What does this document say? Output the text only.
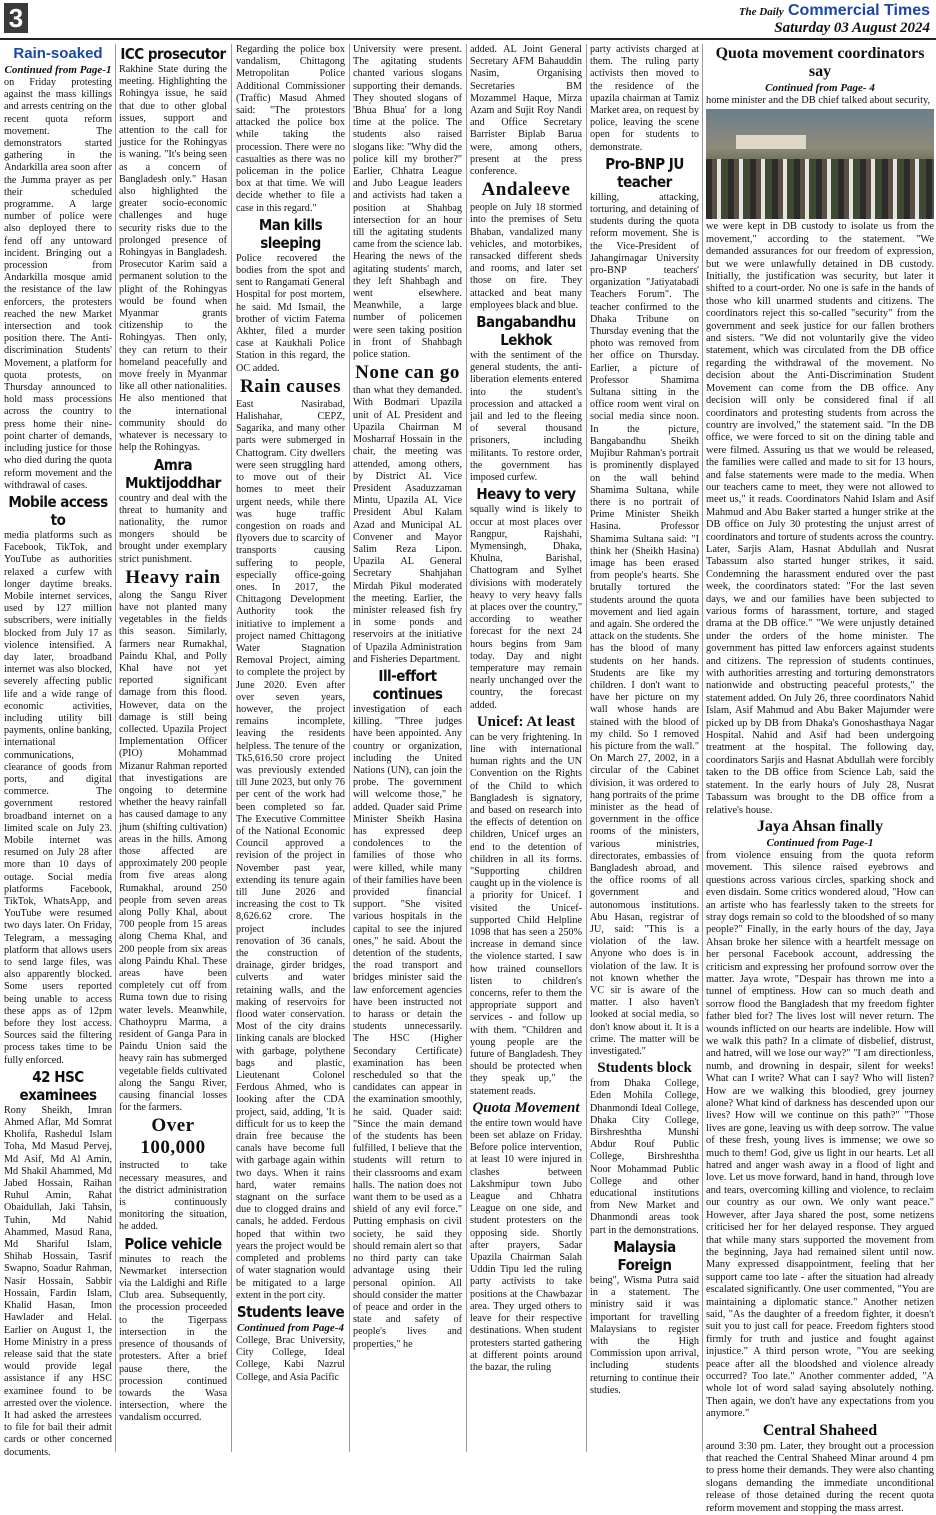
3	The Daily Commercial Times
Saturday 03 August 2024
Rain-soaked
Continued from Page-1

on Friday protesting against the mass killings and arrests centring on the recent quota reform movement. The demonstrators started gathering in the Andarkilla area soon after the Jumma prayer as per their scheduled programme. A large number of police were also deployed there to fend off any untoward incident. Bringing out a procession from Andarkilla mosque amid the resistance of the law enforcers, the protesters reached the new Market intersection and took position there. The Anti-discrimination Students' Movement, a platform for quota protests, on Thursday announced to hold mass processions across the country to press home their nine-point charter of demands, including justice for those who died during the quota reform movement and the withdrawal of cases.

Mobile access to

media platforms such as Facebook, TikTok, and YouTube as authorities relaxed a curfew with longer daytime breaks. Mobile internet services, used by 127 million subscribers, were initially blocked from July 17 as violence intensified. A day later, broadband internet was also blocked, severely affecting public life and a wide range of economic activities, including utility bill payments, online banking, international communications, clearance of goods from ports, and digital commerce. The government restored broadband internet on a limited scale on July 23. Mobile internet was resumed on July 28 after more than 10 days of outage. Social media platforms Facebook, TikTok, WhatsApp, and YouTube were resumed two days later. On Friday, Telegram, a messaging platform that allows users to send large files, was also apparently blocked. Some users reported being unable to access these apps as of 12pm before they lost access. Sources said the filtering process takes time to be fully enforced.

42 HSC examinees

Rony Sheikh, Imran Ahmed Aflar, Md Somrat Kholifa, Rashedul Islam Toha, Md Masud Pervej, Md Asif, Md Al Amin, Md Shakil Ahammed, Md Jabed Hossain, Raihan Ruhul Amin, Rahat Obaidullah, Jaki Tahsin, Tuhin, Md Nahid Ahammed, Masud Rana, Md Shariful Islam, Shihab Hossain, Tasrif Swapno, Soadur Rahman, Nasir Hossain, Sabbir Hossain, Fardin Islam, Khalid Hasan, Imon Hawlader and Helal. Earlier on August 1, the Home Ministry in a press release said that the state would provide legal assistance if any HSC examinee found to be arrested over the violence. It had asked the arrestees to file for bail their admit cards or other concerned documents.

ICC prosecutor

Rakhine State during the meeting. Highlighting the Rohingya issue, he said that due to other global issues, support and attention to the call for justice for the Rohingyas is waning. "It's being seen as a concern of Bangladesh only." Hasan also highlighted the greater socio-economic challenges and huge security risks due to the prolonged presence of Rohingyas in Bangladesh. Prosecutor Karim said a permanent solution to the plight of the Rohingyas would be found when Myanmar grants citizenship to the Rohingyas. Then only, they can return to their homeland peacefully and move freely in Myanmar like all other nationalities. He also mentioned that the international community should do whatever is necessary to help the Rohingyas.

Amra Muktijoddhar

country and deal with the threat to humanity and nationality, the rumor mongers should be brought under exemplary strict punishment.

Heavy rain

along the Sangu River have not planted many vegetables in the fields this season. Similarly, farmers near Rumakhal, Paindu Khal, and Polly Khal have not yet reported significant damage from this flood. However, data on the damage is still being collected. Upazila Project Implementation Officer (PIO) Mohammad Mizanur Rahman reported that investigations are ongoing to determine whether the heavy rainfall has caused damage to any jhum (shifting cultivation) areas in the hills. Among those affected are approximately 200 people from five areas along Rumakhal, around 250 people from seven areas along Polly Khal, about 700 people from 15 areas along Chema Khal, and 200 people from six areas along Paindu Khal. These areas have been completely cut off from Ruma town due to rising water levels. Meanwhile, Chathoypru Marma, a resident of Ganga Para in Paindu Union said the heavy rain has submerged vegetable fields cultivated along the Sangu River, causing financial losses for the farmers.

Over 100,000

instructed to take necessary measures, and the district administration is continuously monitoring the situation, he added.

Police vehicle

minutes to reach the Newmarket intersection via the Laldighi and Rifle Club area. Subsequently, the procession proceeded to the Tigerpass intersection in the presence of thousands of protesters. After a brief pause there, the procession continued towards the Wasa intersection, where the vandalism occurred.

Regarding the police box vandalism, Chittagong Metropolitan Police Additional Commissioner (Traffic) Masud Ahmed said: "The protestors attacked the police box while taking the procession. There were no casualties as there was no policeman in the police box at that time. We will decide whether to file a case in this regard."

Man kills sleeping

Police recovered the bodies from the spot and sent to Rangamati General Hospital for post mortem, he said. Md Ismail, the brother of victim Fatema Akhter, filed a murder case at Kaukhali Police Station in this regard, the OC added.

Rain causes

East Nasirabad, Halishahar, CEPZ, Sagarika, and many other parts were submerged in Chattogram. City dwellers were seen struggling hard to move out of their homes to meet their urgent needs, while there was huge traffic congestion on roads and flyovers due to scarcity of transports causing suffering to people, especially office-going ones. In 2017, the Chittagong Development Authority took the initiative to implement a project named Chittagong Water Stagnation Removal Project, aiming to complete the project by June 2020. Even after over seven years, however, the project remains incomplete, leaving the residents helpless. The tenure of the Tk5,616.50 crore project was previously extended till June 2023, but only 76 per cent of the work had been completed so far. The Executive Committee of the National Economic Council approved a revision of the project in November past year, extending its tenure again till June 2026 and increasing the cost to Tk 8,626.62 crore. The project includes renovation of 36 canals, the construction of drainage, girder bridges, culverts and water retaining walls, and the making of reservoirs for flood water conservation. Most of the city drains linking canals are blocked with garbage, polythene bags and plastic, Lieutenant Colonel Ferdous Ahmed, who is looking after the CDA project, said, adding, 'It is difficult for us to keep the drain free because the canals have become full with garbage again within two days. When it rains hard, water remains stagnant on the surface due to clogged drains and canals, he added. Ferdous hoped that within two years the project would be completed and problems of water stagnation would be mitigated to a large extent in the port city.

Students leave
Continued from Page-4

College, Brac University, City College, Ideal College, Kabi Nazrul College, and Asia Pacific

University were present. The agitating students chanted various slogans supporting their demands. They shouted slogans of 'Bhua Bhua' for a long time at the police. The students also raised slogans like: "Why did the police kill my brother?" Earlier, Chhatra League and Jubo League leaders and activists had taken a position at Shahbag intersection for an hour till the agitating students came from the science lab. Hearing the news of the agitating students' march, they left Shahbagh and went elsewhere. Meanwhile, a large number of policemen were seen taking position in front of Shahbagh police station.

None can go

than what they demanded. With Bodmari Upazila unit of AL President and Upazila Chairman M Mosharraf Hossain in the chair, the meeting was attended, among others, by District AL Vice President Asaduzzaman Mintu, Upazila AL Vice President Abul Kalam Azad and Municipal AL Convener and Mayor Salim Reza Lipon. Upazila AL General Secretary Shahjahan Mirdah Pikul moderated the meeting. Earlier, the minister released fish fry in some ponds and reservoirs at the initiative of Upazila Administration and Fisheries Department.

Ill-effort continues

investigation of each killing. "Three judges have been appointed. Any country or organization, including the United Nations (UN), can join the probe. The government will welcome those," he added. Quader said Prime Minister Sheikh Hasina has expressed deep condolences to the families of those who were killed, while many of their families have been provided financial support. "She visited various hospitals in the capital to see the injured ones," he said. About the detention of the students, the road transport and bridges minister said the law enforcement agencies have been instructed not to harass or detain the students unnecessarily. The HSC (Higher Secondary Certificate) examination has been rescheduled so that the candidates can appear in the examination smoothly, he said. Quader said: "Since the main demand of the students has been fulfilled, I believe that the students will return to their classrooms and exam halls. The nation does not want them to be used as a shield of any evil force." Putting emphasis on civil society, he said they should remain alert so that no third party can take advantage using their personal opinion. All should consider the matter of peace and order in the state and safety of people's lives and properties," he

added. AL Joint General Secretary AFM Bahauddin Nasim, Organising Secretaries BM Mozammel Haque, Mirza Azam and Sujit Roy Nandi and Office Secretary Barrister Biplab Barua were, among others, present at the press conference.

Andaleeve

people on July 18 stormed into the premises of Setu Bhaban, vandalized many vehicles, and motorbikes, ransacked different sheds and rooms, and later set those on fire. They attacked and beat many employees black and blue.

Bangabandhu Lekhok

with the sentiment of the general students, the anti-liberation elements entered into the student's procession and attacked a jail and led to the fleeing of several thousand prisoners, including militants. To restore order, the government has imposed curfew.

Heavy to very

squally wind is likely to occur at most places over Rangpur, Rajshahi, Mymensingh, Dhaka, Khulna, Barishal, Chattogram and Sylhet divisions with moderately heavy to very heavy falls at places over the country," according to weather forecast for the next 24 hours begins from 9am today. Day and night temperature may remain nearly unchanged over the country, the forecast added.

Unicef: At least

can be very frightening. In line with international human rights and the UN Convention on the Rights of the Child to which Bangladesh is signatory, and based on research into the effects of detention on children, Unicef urges an end to the detention of children in all its forms. "Supporting children caught up in the violence is a priority for Unicef. I visited the Unicef-supported Child Helpline 1098 that has seen a 250% increase in demand since the violence started. I saw how trained counsellors listen to children's concerns, refer to them the appropriate support and services - and follow up with them. "Children and young people are the future of Bangladesh. They should be protected when they speak up," the statement reads.

Quota Movement

the entire town would have been set ablaze on Friday. Before police intervention, at least 10 were injured in clashes between Lakshmipur town Jubo League and Chhatra League on one side, and student protesters on the opposing side. Shortly after prayers, Sadar Upazila Chairman Salah Uddin Tipu led the ruling party activists to take positions at the Chawbazar area. They urged others to leave for their respective destinations. When student protesters started gathering at different points around the bazar, the ruling

party activists charged at them. The ruling party activists then moved to the residence of the upazila chairman at Tamiz Market area, on request by police, leaving the scene open for students to demonstrate.

Pro-BNP JU teacher

killing, attacking, torturing, and detaining of students during the quota reform movement. She is the Vice-President of Jahangirnagar University pro-BNP teachers' organization "Jatiyatabadi Teachers Forum". The teacher confirmed to the Dhaka Tribune on Thursday evening that the photo was removed from her office on Thursday. Earlier, a picture of Professor Shamima Sultana sitting in the office room went viral on social media since noon. In the picture, Bangabandhu Sheikh Mujibur Rahman's portrait is prominently displayed on the wall behind Shamima Sultana, while there is no portrait of Prime Minister Sheikh Hasina. Professor Shamima Sultana said: "I think her (Sheikh Hasina) image has been erased from people's hearts. She brutally tortured the students around the quota movement and lied again and again. She ordered the attack on the students. She has the blood of many students on her hands. Students are like my children. I don't want to have her picture on my wall whose hands are stained with the blood of my child. So I removed his picture from the wall." On March 27, 2002, in a circular of the Cabinet division, it was ordered to hang portraits of the prime minister as the head of government in the office rooms of the ministers, various ministries, directorates, embassies of Bangladesh abroad, and the office rooms of all government and autonomous institutions. Abu Hasan, registrar of JU, said: "This is a violation of the law. Anyone who does is in violation of the law. It is not known whether the VC sir is aware of the matter. I also haven't looked at social media, so don't know about it. It is a crime. The matter will be investigated."

Students block

from Dhaka College, Eden Mohila College, Dhanmondi Ideal College, Dhaka City College, Birshreshtha Munshi Abdur Rouf Public College, Birshreshtha Noor Mohammad Public College and other educational institutions from New Market and Dhanmondi areas took part in the demonstrations.

Malaysia Foreign

being", Wisma Putra said in a statement. The ministry said it was important for travelling Malaysians to register with the High Commission upon arrival, including students returning to continue their studies.

Quota movement coordinators say
Continued from Page- 4

home minister and the DB chief talked about security,

we were kept in DB custody to isolate us from the movement," according to the statement. "We demanded assurances for our freedom of expression, but we were unlawfully detained in DB custody. Initially, the justification was security, but later it shifted to a court-order. No one is safe in the hands of those who kill unarmed students and citizens. The coordinators reject this so-called "security" from the government and seek justice for our fallen brothers and sisters. "We did not voluntarily give the video statement, which was circulated from the DB office regarding the withdrawal of the movement. No decision about the Anti-Discrimination Student Movement can come from the DB office. Any decision will only be considered final if all coordinators and protesting students from across the country are involved," the statement said. "In the DB office, we were forced to sit on the dining table and were filmed. Assuring us that we would be released, the families were called and made to sit for 13 hours, and false statements were made to the media. When our teachers came to meet, they were not allowed to meet us," it reads. Coordinators Nahid Islam and Asif Mahmud and Abu Baker started a hunger strike at the DB office on July 30 protesting the unjust arrest of coordinators and torture of students across the country. Later, Sarjis Alam, Hasnat Abdullah and Nusrat Tabassum also started hunger strikes, it said. Condemning the harassment endured over the past week, the coordinators stated: "For the last seven days, we and our families have been subjected to various forms of harassment, torture, and staged drama at the DB office." "We were unjustly detained under the orders of the home minister. The government has pitted law enforcers against students and citizens. The repression of students continues, with authorities arresting and torturing demonstrators nationwide and obstructing peaceful protests," the statement added. On July 26, three coordinators Nahid Islam, Asif Mahmud and Abu Baker Majumder were picked up by DB from Dhaka's Gonoshasthaya Nagar Hospital. Nahid and Asif had been undergoing treatment at the hospital. The following day, coordinators Sarjis and Hasnat Abdullah were forcibly taken to the DB office from Science Lab, said the statement. In the early hours of July 28, Nusrat Tabassum was brought to the DB office from a relative's house.

Jaya Ahsan finally
Continued from Page-1

from violence ensuing from the quota reform movement. This silence raised eyebrows and questions across various circles, sparking shock and even disdain. Some critics wondered aloud, "How can an artiste who has fearlessly taken to the streets for stray dogs remain so cold to the bloodshed of so many people?" Finally, in the early hours of the day, Jaya Ahsan broke her silence with a heartfelt message on her personal Facebook account, addressing the criticism and expressing her profound sorrow over the matter. Jaya wrote, "Despair has thrown me into a tunnel of emptiness. How can so much death and sorrow flood the Bangladesh that my freedom fighter father bled for? The lives lost will never return. The wounds inflicted on our hearts are indelible. How will we walk this path? In a climate of disbelief, distrust, and hatred, will we lose our way?" "I am directionless, numb, and drowning in despair, silent for weeks! What can I write? What can I say? Who will listen? How are we walking this bloodied, grey journey alone? What kind of darkness has descended upon our lives? How will we continue on this path?" "Those lives are gone, leaving us with deep sorrow. The value of these fresh, young lives is immense; we owe so much to them! God, give us light in our hearts. Let all hatred and anger wash away in a flood of light and love. Let us move forward, hand in hand, through love and tears, overcoming killing and violence, to reclaim our country as our own. We only want peace." However, after Jaya shared the post, some netizens criticised her for her delayed response. They argued that while many stars supported the movement from the beginning, Jaya had remained silent until now. Many expressed disappointment, feeling that her support came too late - after the situation had already escalated significantly. One user commented, "You are maintaining a diplomatic stance." Another netizen said, "As the daughter of a freedom fighter, it doesn't suit you to just call for peace. Freedom fighters stood firmly for truth and justice and fought against injustice." A third person wrote, "You are seeking peace after all the bloodshed and violence already occurred? Too late." Another commenter added, "A whole lot of word salad saying absolutely nothing. Then again, we don't have any expectations from you anymore."

Central Shaheed

around 3:30 pm. Later, they brought out a procession that reached the Central Shaheed Minar around 4 pm to press home their demands. They were also chanting slogans demanding the immediate unconditional release of those detained during the recent quota reform movement and stopping the mass arrest.
